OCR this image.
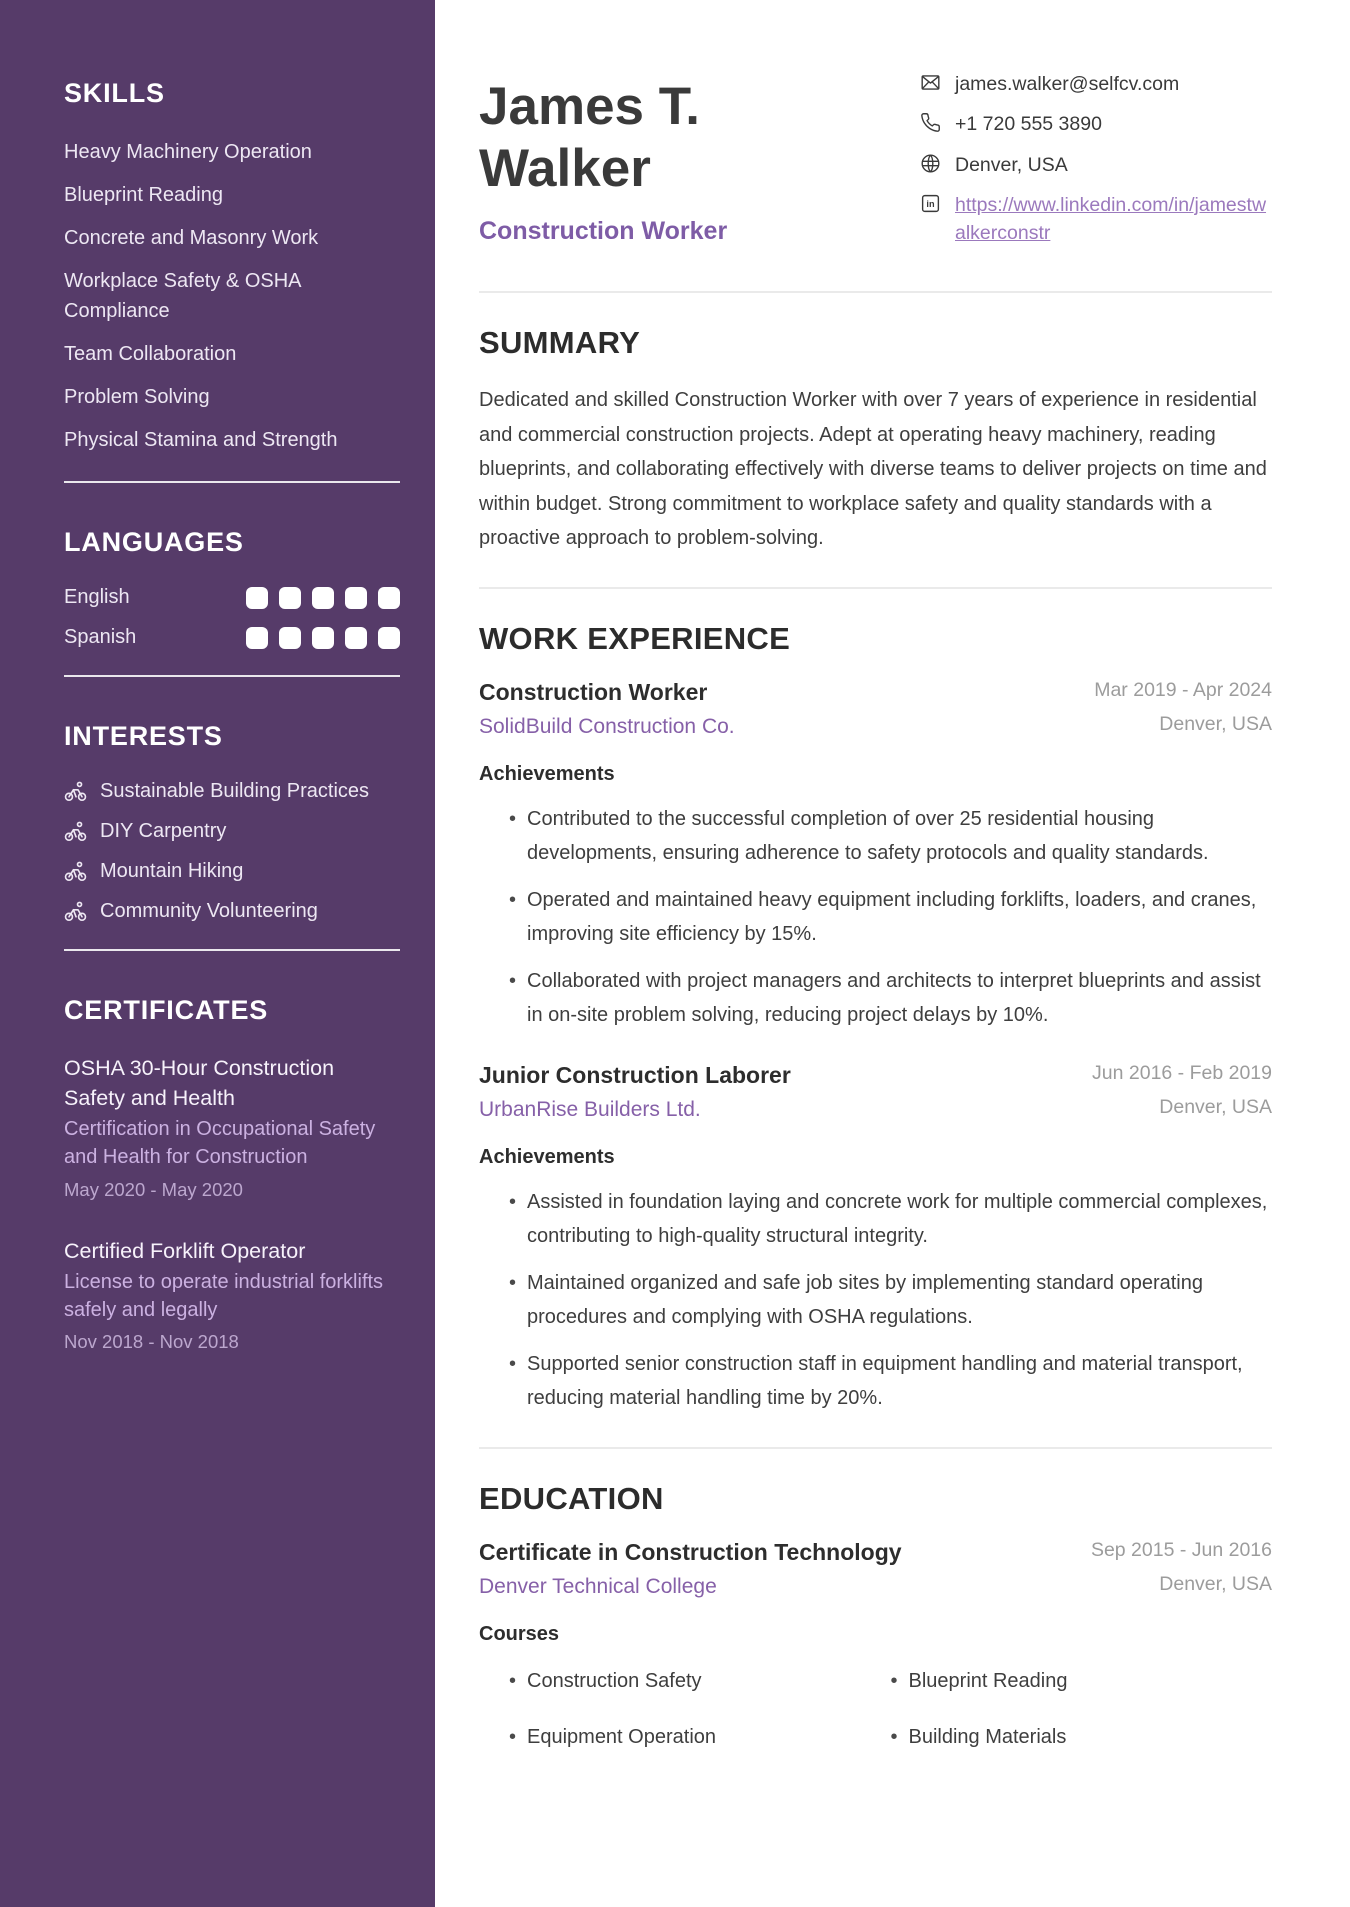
SKILLS
Heavy Machinery Operation
Blueprint Reading
Concrete and Masonry Work
Workplace Safety & OSHA Compliance
Team Collaboration
Problem Solving
Physical Stamina and Strength
LANGUAGES
English
Spanish
INTERESTS
Sustainable Building Practices
DIY Carpentry
Mountain Hiking
Community Volunteering
CERTIFICATES
OSHA 30-Hour Construction Safety and Health
Certification in Occupational Safety and Health for Construction
May 2020 - May 2020
Certified Forklift Operator
License to operate industrial forklifts safely and legally
Nov 2018 - Nov 2018
James T. Walker
Construction Worker
james.walker@selfcv.com
+1 720 555 3890
Denver, USA
in https://www.linkedin.com/in/jamestwalkerconstr
SUMMARY

Dedicated and skilled Construction Worker with over 7 years of experience in residential and commercial construction projects. Adept at operating heavy machinery, reading blueprints, and collaborating effectively with diverse teams to deliver projects on time and within budget. Strong commitment to workplace safety and quality standards with a proactive approach to problem-solving.

WORK EXPERIENCE
Construction Worker
SolidBuild Construction Co.
Mar 2019 - Apr 2024
Denver, USA
Achievements
• Contributed to the successful completion of over 25 residential housing developments, ensuring adherence to safety protocols and quality standards.
• Operated and maintained heavy equipment including forklifts, loaders, and cranes, improving site efficiency by 15%.
• Collaborated with project managers and architects to interpret blueprints and assist in on-site problem solving, reducing project delays by 10%.
Junior Construction Laborer
UrbanRise Builders Ltd.
Jun 2016 - Feb 2019
Denver, USA
Achievements
• Assisted in foundation laying and concrete work for multiple commercial complexes, contributing to high-quality structural integrity.
• Maintained organized and safe job sites by implementing standard operating procedures and complying with OSHA regulations.
• Supported senior construction staff in equipment handling and material transport, reducing material handling time by 20%.
EDUCATION
Certificate in Construction Technology
Denver Technical College
Sep 2015 - Jun 2016
Denver, USA
Courses
• Construction Safety	• Blueprint Reading
• Equipment Operation	• Building Materials
